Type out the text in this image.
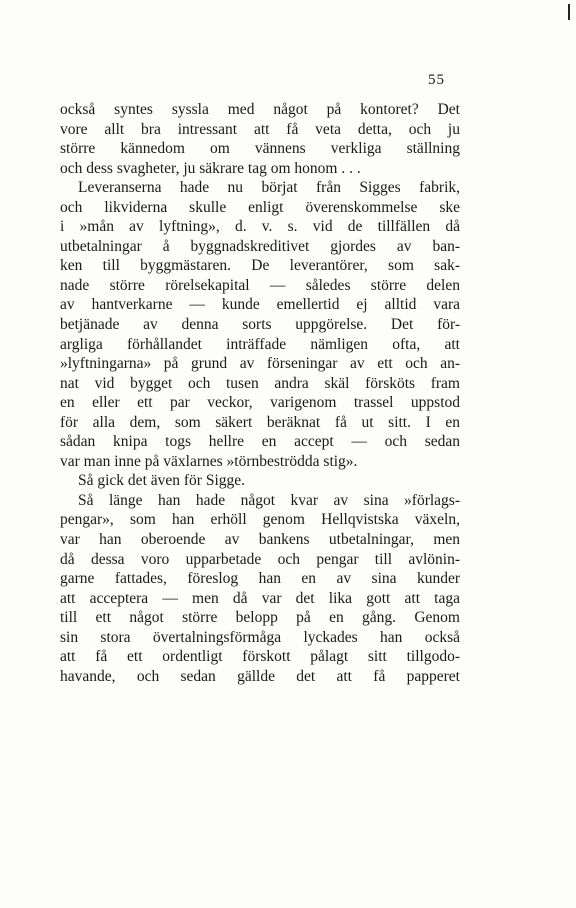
55
också syntes syssla med något på kontoret? Det
vore allt bra intressant att få veta detta, och ju
större kännedom om vännens verkliga ställning
och dess svagheter, ju säkrare tag om honom . . .
Leveranserna hade nu börjat från Sigges fabrik,
och likviderna skulle enligt överenskommelse ske
i »mån av lyftning», d. v. s. vid de tillfällen då
utbetalningar å byggnadskreditivet gjordes av ban-
ken till byggmästaren. De leverantörer, som sak-
nade större rörelsekapital — således större delen
av hantverkarne — kunde emellertid ej alltid vara
betjänade av denna sorts uppgörelse. Det för-
argliga förhållandet inträffade nämligen ofta, att
»lyftningarna» på grund av förseningar av ett och an-
nat vid bygget och tusen andra skäl försköts fram
en eller ett par veckor, varigenom trassel uppstod
för alla dem, som säkert beräknat få ut sitt. I en
sådan knipa togs hellre en accept — och sedan
var man inne på växlarnes »törnbeströdda stig».
Så gick det även för Sigge.
Så länge han hade något kvar av sina »förlags-
pengar», som han erhöll genom Hellqvistska växeln,
var han oberoende av bankens utbetalningar, men
då dessa voro upparbetade och pengar till avlönin-
garne fattades, föreslog han en av sina kunder
att acceptera — men då var det lika gott att taga
till ett något större belopp på en gång. Genom
sin stora övertalningsförmåga lyckades han också
att få ett ordentligt förskott pålagt sitt tillgodo-
havande, och sedan gällde det att få papperet
